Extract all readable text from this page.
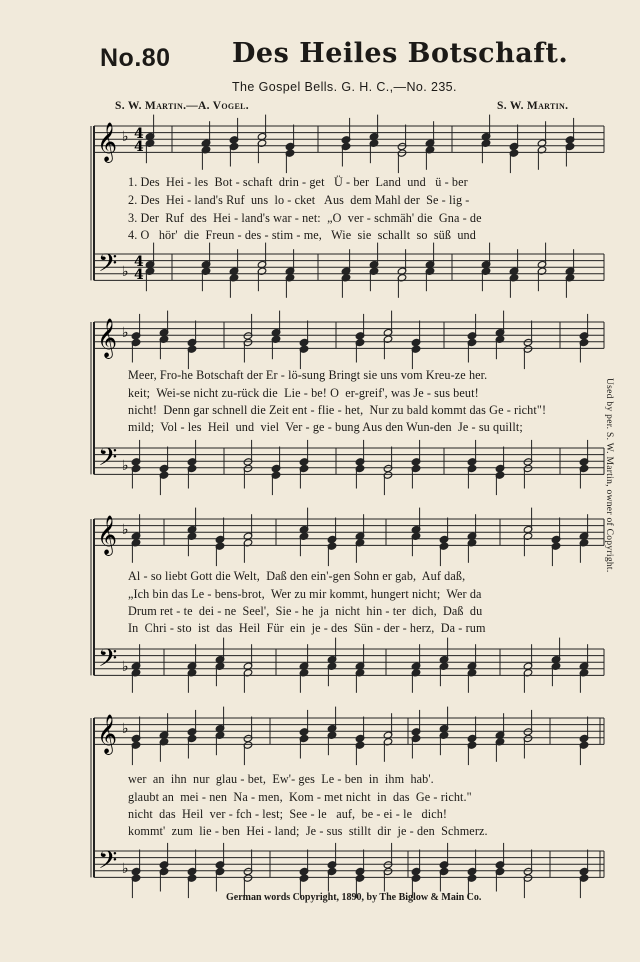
No.80 Des Heiles Botschaft.
The Gospel Bells. G. H. C.,—No. 235.
S. W. Martin.—A. Vogel.	S. W. Martin.
𝄞
𝄢
♭
♭
4
4
4
4
𝄞
𝄢
♭
♭
𝄞
𝄢
♭
♭
𝄞
𝄢
♭
♭
1. Des  Hei - les  Bot - schaft  drin - get   Ü - ber  Land  und   ü - ber
2. Des  Hei - land's Ruf  uns  lo - cket   Aus  dem Mahl der  Se - lig -
3. Der  Ruf  des  Hei - land's war - net:  „O  ver - schmäh' die  Gna - de
4. O   hör'  die  Freun - des - stim - me,   Wie  sie  schallt  so  süß  und
Meer, Fro-he Botschaft der Er - lö-sung Bringt sie uns vom Kreu-ze her.
keit;  Wei-se nicht zu-rück die  Lie - be! O  er-greif', was Je - sus beut!
nicht!  Denn gar schnell die Zeit ent - flie - het,  Nur zu bald kommt das Ge - richt"!
mild;  Vol - les  Heil  und  viel  Ver - ge - bung Aus den Wun-den  Je - su quillt;
Al - so liebt Gott die Welt,  Daß den ein'-gen Sohn er gab,  Auf daß,
„Ich bin das Le - bens-brot,  Wer zu mir kommt, hungert nicht;  Wer da
Drum ret - te  dei - ne  Seel',  Sie - he  ja  nicht  hin - ter  dich,  Daß  du
In  Chri - sto  ist  das  Heil  Für  ein  je - des  Sün - der - herz,  Da - rum
wer  an  ihn  nur  glau - bet,  Ew'- ges  Le - ben  in  ihm  hab'.
glaubt an  mei - nen  Na - men,  Kom - met nicht  in  das  Ge - richt."
nicht  das  Heil  ver - fch - lest;  See - le   auf,  be - ei - le   dich!
kommt'  zum  lie - ben  Hei - land;  Je - sus  stillt  dir  je - den  Schmerz.
Used by per. S. W. Martin, owner of Copyright.
German words Copyright, 1890, by The Biglow & Main Co.
